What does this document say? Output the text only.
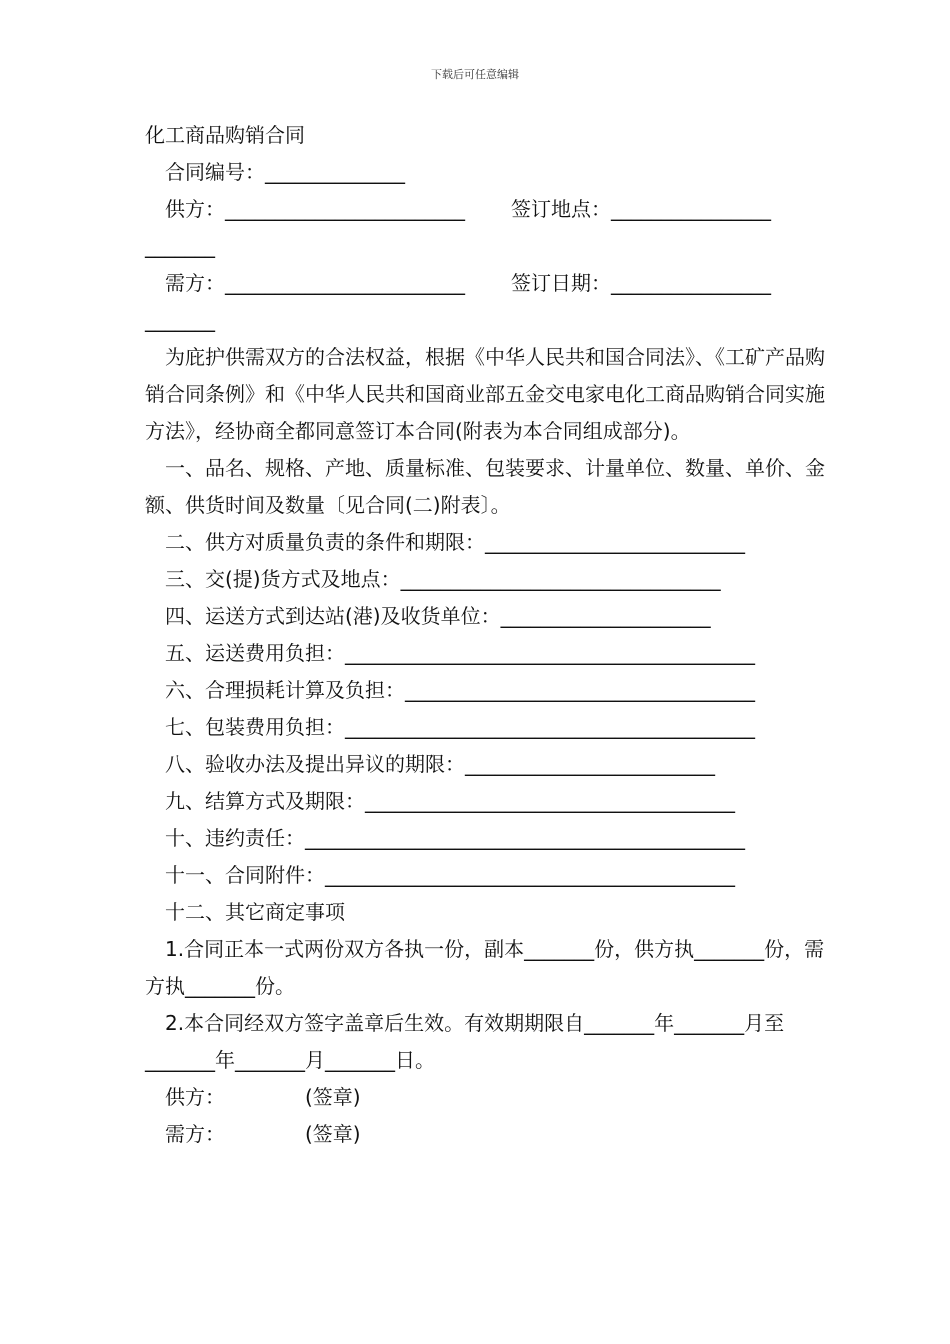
下载后可任意编辑
化工商品购销合同
合同编号：______________
供方：________________________ 签订地点：________________
_______
需方：________________________ 签订日期：________________
_______
为庇护供需双方的合法权益，根据《中华人民共和国合同法》、《工矿产品购销合同条例》和《中华人民共和国商业部五金交电家电化工商品购销合同实施方法》，经协商全都同意签订本合同(附表为本合同组成部分)。
一、品名、规格、产地、质量标准、包装要求、计量单位、数量、单价、金额、供货时间及数量〔见合同(二)附表〕。
二、供方对质量负责的条件和期限：__________________________
三、交(提)货方式及地点：________________________________
四、运送方式到达站(港)及收货单位：_____________________
五、运送费用负担：_________________________________________
六、合理损耗计算及负担：___________________________________
七、包装费用负担：_________________________________________
八、验收办法及提出异议的期限：_________________________
九、结算方式及期限：_____________________________________
十、违约责任：____________________________________________
十一、合同附件：_________________________________________
十二、其它商定事项
1.合同正本一式两份双方各执一份，副本_______份，供方执_______份，需方执_______份。
2.本合同经双方签字盖章后生效。有效期期限自_______年_______月至_______年_______月_______日。
供方：	(签章)
需方：	(签章)
